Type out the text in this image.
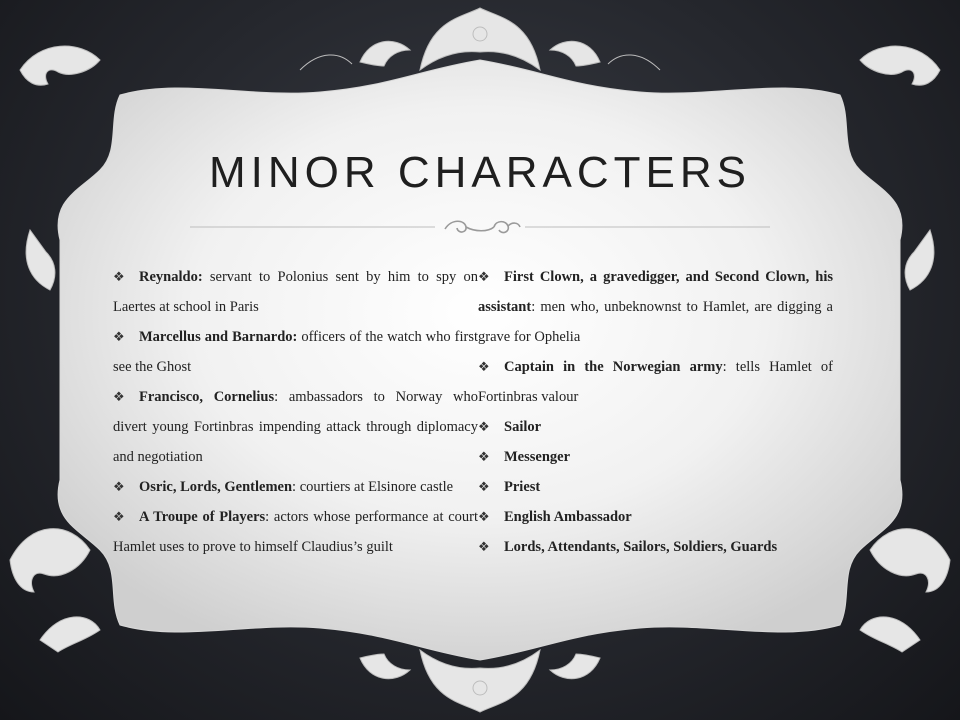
MINOR CHARACTERS

❖ Reynaldo: servant to Polonius sent by him to spy on Laertes at school in Paris

❖ Marcellus and Barnardo: officers of the watch who first see the Ghost

❖ Francisco, Cornelius: ambassadors to Norway who divert young Fortinbras impending attack through diplomacy and negotiation

❖ Osric, Lords, Gentlemen: courtiers at Elsinore castle

❖ A Troupe of Players: actors whose performance at court Hamlet uses to prove to himself Claudius’s guilt

❖ First Clown, a gravedigger, and Second Clown, his assistant: men who, unbeknownst to Hamlet, are digging a grave for Ophelia

❖ Captain in the Norwegian army: tells Hamlet of Fortinbras valour

❖ Sailor

❖ Messenger

❖ Priest

❖ English Ambassador

❖ Lords, Attendants, Sailors, Soldiers, Guards
